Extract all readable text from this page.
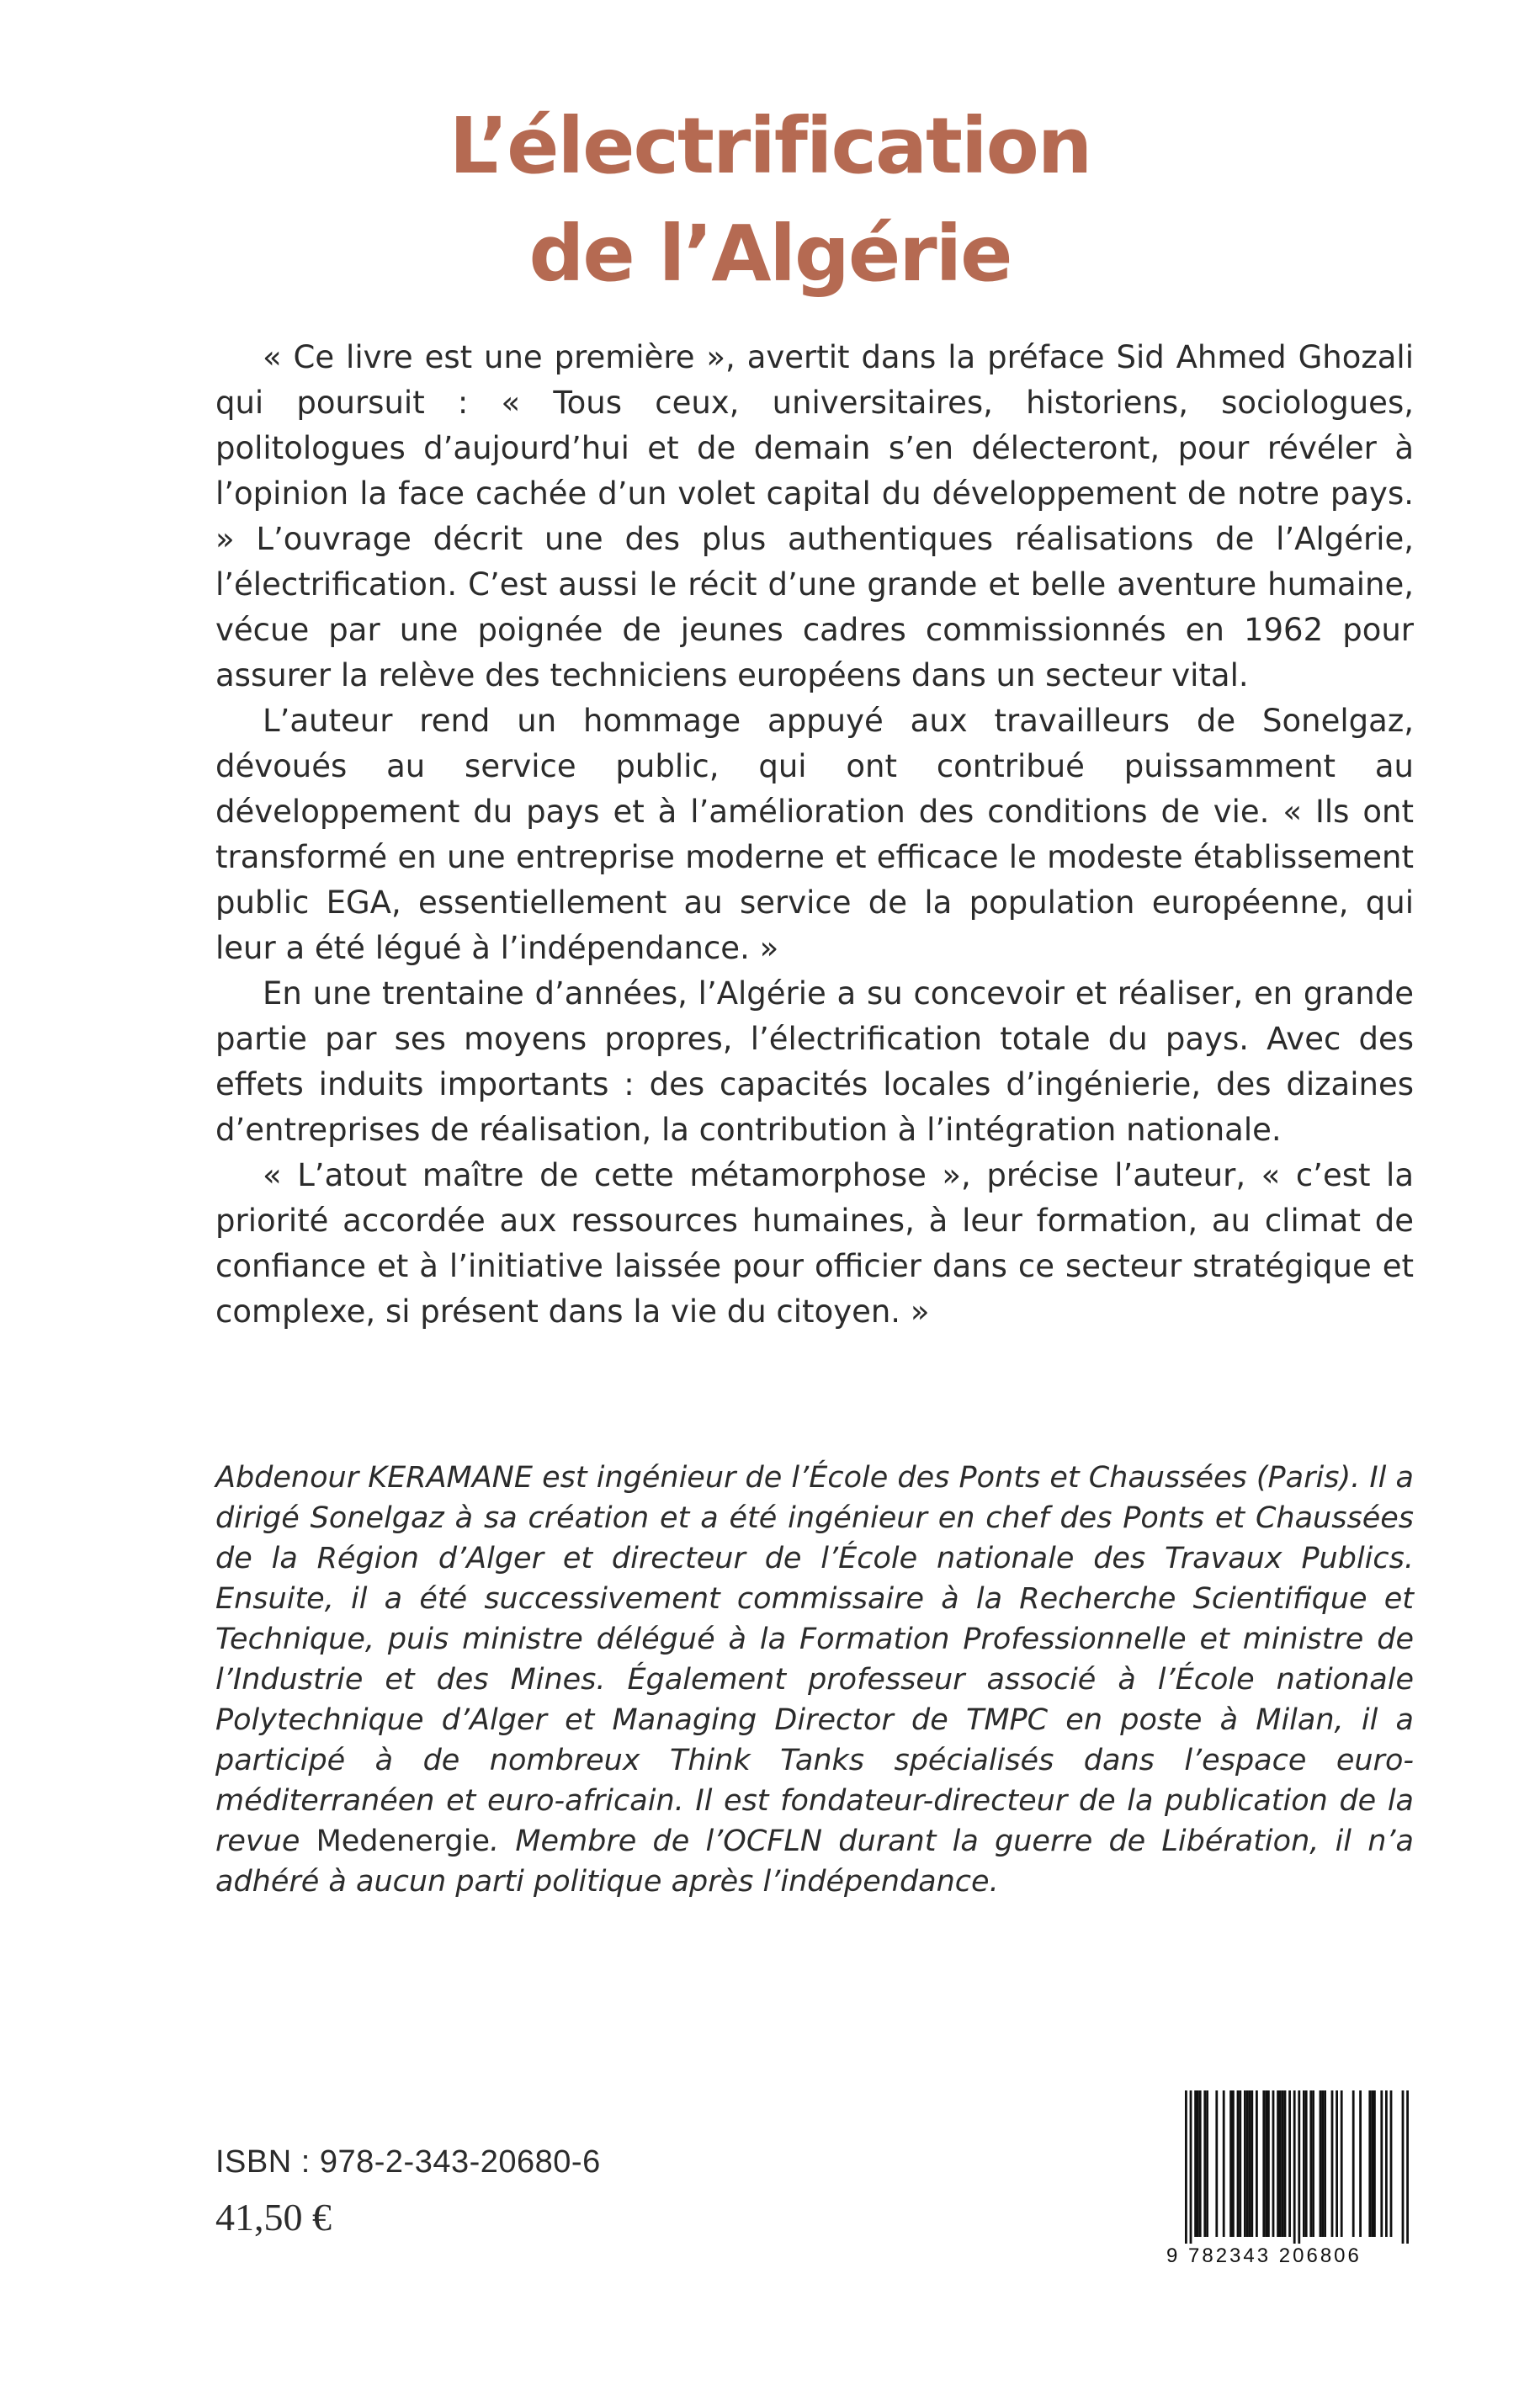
L’électrification
de l’Algérie

« Ce livre est une première », avertit dans la préface Sid Ahmed Ghozali qui poursuit : « Tous ceux, universitaires, historiens, sociologues, politologues d’aujourd’hui et de demain s’en délecteront, pour révéler à l’opinion la face cachée d’un volet capital du développement de notre pays. » L’ouvrage décrit une des plus authentiques réalisations de l’Algérie, l’électrification. C’est aussi le récit d’une grande et belle aventure humaine, vécue par une poignée de jeunes cadres commissionnés en 1962 pour assurer la relève des techniciens européens dans un secteur vital.

L’auteur rend un hommage appuyé aux travailleurs de Sonelgaz, dévoués au service public, qui ont contribué puissamment au développement du pays et à l’amélioration des conditions de vie. « Ils ont transformé en une entreprise moderne et efficace le modeste établissement public EGA, essentiellement au service de la population européenne, qui leur a été légué à l’indépendance. »

En une trentaine d’années, l’Algérie a su concevoir et réaliser, en grande partie par ses moyens propres, l’électrification totale du pays. Avec des effets induits importants : des capacités locales d’ingénierie, des dizaines d’entreprises de réalisation, la contribution à l’intégration nationale.

« L’atout maître de cette métamorphose », précise l’auteur, « c’est la priorité accordée aux ressources humaines, à leur formation, au climat de confiance et à l’initiative laissée pour officier dans ce secteur stratégique et complexe, si présent dans la vie du citoyen. »

Abdenour KERAMANE est ingénieur de l’École des Ponts et Chaussées (Paris). Il a dirigé Sonelgaz à sa création et a été ingénieur en chef des Ponts et Chaussées de la Région d’Alger et directeur de l’École nationale des Travaux Publics. Ensuite, il a été successivement commissaire à la Recherche Scientifique et Technique, puis ministre délégué à la Formation Professionnelle et ministre de l’Industrie et des Mines. Également professeur associé à l’École nationale Polytechnique d’Alger et Managing Director de TMPC en poste à Milan, il a participé à de nombreux Think Tanks spécialisés dans l’espace euro-méditerranéen et euro-africain. Il est fondateur-directeur de la publication de la revue Medenergie. Membre de l’OCFLN durant la guerre de Libération, il n’a adhéré à aucun parti politique après l’indépendance.

ISBN : 978-2-343-20680-6
41,50 €
9 782343 206806
